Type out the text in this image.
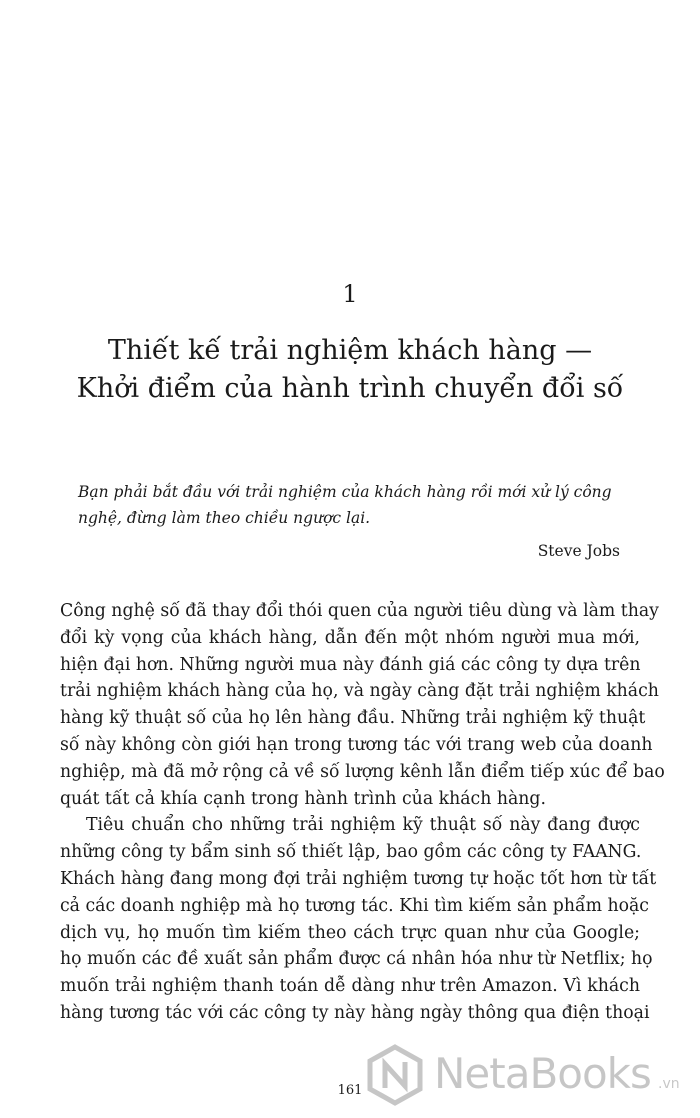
1
Thiết kế trải nghiệm khách hàng —
Khởi điểm của hành trình chuyển đổi số
Bạn phải bắt đầu với trải nghiệm của khách hàng rồi mới xử lý công
nghệ, đừng làm theo chiều ngược lại.
Steve Jobs
Công nghệ số đã thay đổi thói quen của người tiêu dùng và làm thay
đổi kỳ vọng của khách hàng, dẫn đến một nhóm người mua mới,
hiện đại hơn. Những người mua này đánh giá các công ty dựa trên
trải nghiệm khách hàng của họ, và ngày càng đặt trải nghiệm khách
hàng kỹ thuật số của họ lên hàng đầu. Những trải nghiệm kỹ thuật
số này không còn giới hạn trong tương tác với trang web của doanh
nghiệp, mà đã mở rộng cả về số lượng kênh lẫn điểm tiếp xúc để bao
quát tất cả khía cạnh trong hành trình của khách hàng.
Tiêu chuẩn cho những trải nghiệm kỹ thuật số này đang được
những công ty bẩm sinh số thiết lập, bao gồm các công ty FAANG.
Khách hàng đang mong đợi trải nghiệm tương tự hoặc tốt hơn từ tất
cả các doanh nghiệp mà họ tương tác. Khi tìm kiếm sản phẩm hoặc
dịch vụ, họ muốn tìm kiếm theo cách trực quan như của Google;
họ muốn các đề xuất sản phẩm được cá nhân hóa như từ Netflix; họ
muốn trải nghiệm thanh toán dễ dàng như trên Amazon. Vì khách
hàng tương tác với các công ty này hàng ngày thông qua điện thoại
161	NetaBooks .vn
